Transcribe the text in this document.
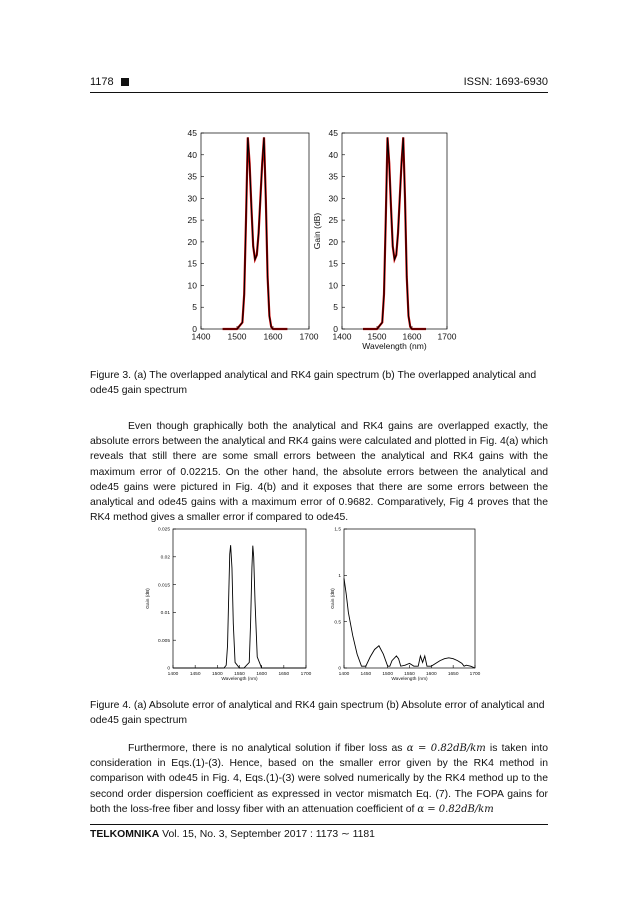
1178	ISSN: 1693-6930
0
5
10
15
20
25
30
35
40
45
1400 1500 1600 1700
0
5
10
15
20
25
30
35
40
45
1400 1500 1600 1700
Wavelength (nm)
Gain (dB)
Figure 3. (a) The overlapped analytical and RK4 gain spectrum (b) The overlapped analytical and ode45 gain spectrum
Even though graphically both the analytical and RK4 gains are overlapped exactly, the absolute errors between the analytical and RK4 gains were calculated and plotted in Fig. 4(a) which reveals that still there are some small errors between the analytical and RK4 gains with the maximum error of 0.02215. On the other hand, the absolute errors between the analytical and ode45 gains were pictured in Fig. 4(b) and it exposes that there are some errors between the analytical and ode45 gains with a maximum error of 0.9682. Comparatively, Fig 4 proves that the RK4 method gives a smaller error if compared to ode45.
0
0.005
0.01
0.015
0.02
0.025
1400 1450 1500 1550 1600 1650 1700
Wavelength (nm)
Gain (dB)
0
0.5
1
1.5
1400 1450 1500 1550 1600 1650 1700
Wavelength (nm)
Gain (dB)
Figure 4. (a) Absolute error of analytical and RK4 gain spectrum (b) Absolute error of analytical and ode45 gain spectrum
Furthermore, there is no analytical solution if fiber loss as α = 0.82dB/km is taken into consideration in Eqs.(1)-(3). Hence, based on the smaller error given by the RK4 method in comparison with ode45 in Fig. 4, Eqs.(1)-(3) were solved numerically by the RK4 method up to the second order dispersion coefficient as expressed in vector mismatch Eq. (7). The FOPA gains for both the loss-free fiber and lossy fiber with an attenuation coefficient of α = 0.82dB/km
TELKOMNIKA Vol. 15, No. 3, September 2017 : 1173 ∼ 1181
